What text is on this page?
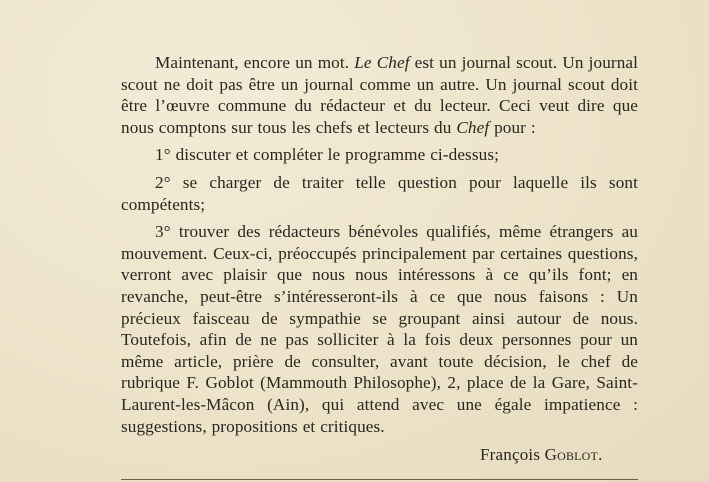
Maintenant, encore un mot. Le Chef est un journal scout. Un journal scout ne doit pas être un journal comme un autre. Un journal scout doit être l’œuvre commune du rédacteur et du lecteur. Ceci veut dire que nous comptons sur tous les chefs et lecteurs du Chef pour :

1° discuter et compléter le programme ci-dessus;

2° se charger de traiter telle question pour laquelle ils sont compétents;

3° trouver des rédacteurs bénévoles qualifiés, même étrangers au mouvement. Ceux-ci, préoccupés principalement par certaines questions, verront avec plaisir que nous nous intéressons à ce qu’ils font; en revanche, peut-être s’intéresseront-ils à ce que nous faisons : Un précieux faisceau de sympathie se groupant ainsi autour de nous. Toutefois, afin de ne pas solliciter à la fois deux personnes pour un même article, prière de consulter, avant toute décision, le chef de rubrique F. Goblot (Mammouth Philosophe), 2, place de la Gare, Saint-Laurent-les-Mâcon (Ain), qui attend avec une égale impatience : suggestions, propositions et critiques.

François Goblot.
